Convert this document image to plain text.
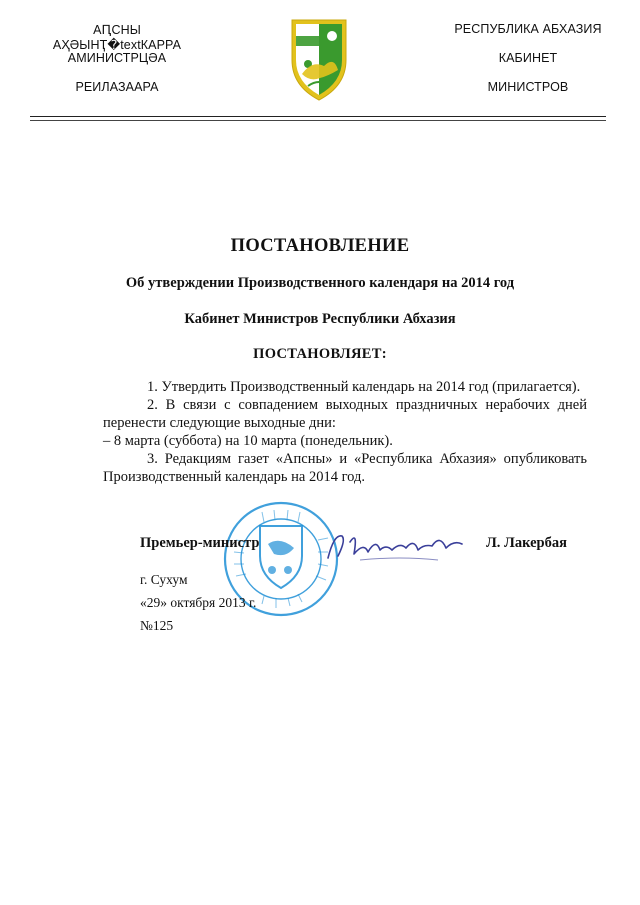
АԤСНЫ АҲӘЫНҬ�textКАРРА
АМИНИСТРЦӘА
РЕИЛАЗААРА
РЕСПУБЛИКА АБХАЗИЯ
КАБИНЕТ
МИНИСТРОВ
ПОСТАНОВЛЕНИЕ
Об утверждении Производственного календаря на 2014 год
Кабинет Министров Республики Абхазия
ПОСТАНОВЛЯЕТ:

1. Утвердить Производственный календарь на 2014 год (прилагается).

2. В связи с совпадением выходных праздничных нерабочих дней перенести следующие выходные дни:

– 8 марта (суббота) на 10 марта (понедельник).

3. Редакциям газет «Апсны» и «Республика Абхазия» опубликовать Производственный календарь на 2014 год.

Премьер-министр	Л. Лакербая
г. Сухум
«29» октября 2013 г.
№125
